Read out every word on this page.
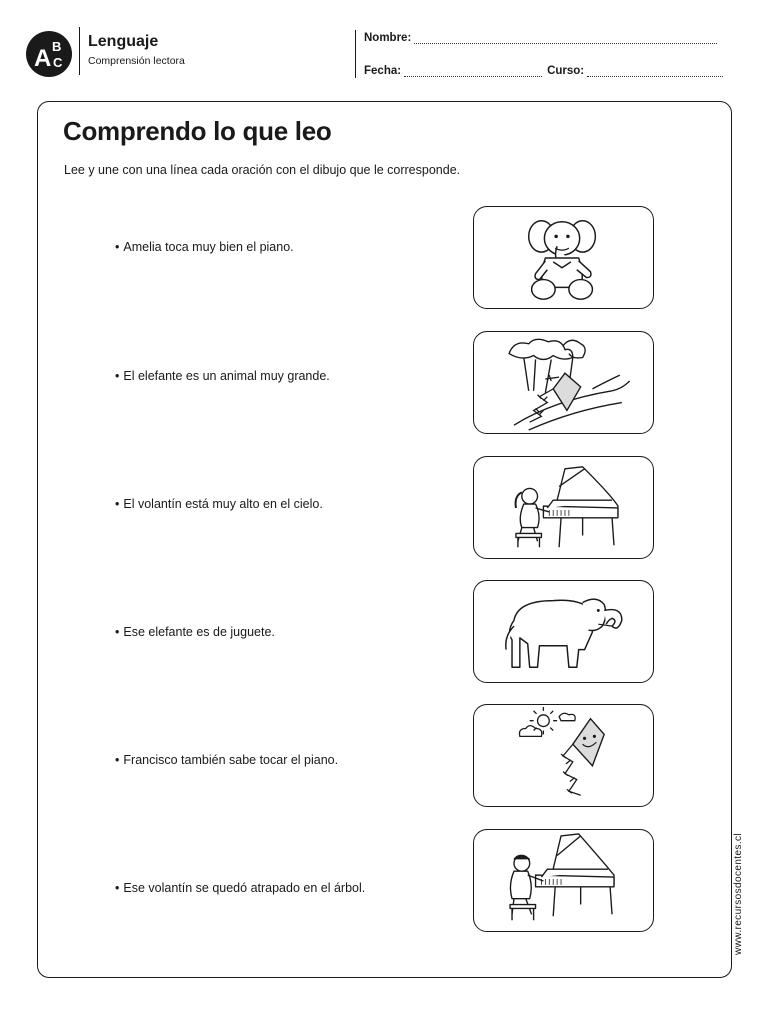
A B
C
Lenguaje
Comprensión lectora
Nombre:
Fecha:	Curso:
Comprendo lo que leo
Lee y une con una línea cada oración con el dibujo que le corresponde.
• Amelia toca muy bien el piano.
• El elefante es un animal muy grande.
• El volantín está muy alto en el cielo.
• Ese elefante es de juguete.
• Francisco también sabe tocar el piano.
• Ese volantín se quedó atrapado en el árbol.	www.recursosdocentes.cl
